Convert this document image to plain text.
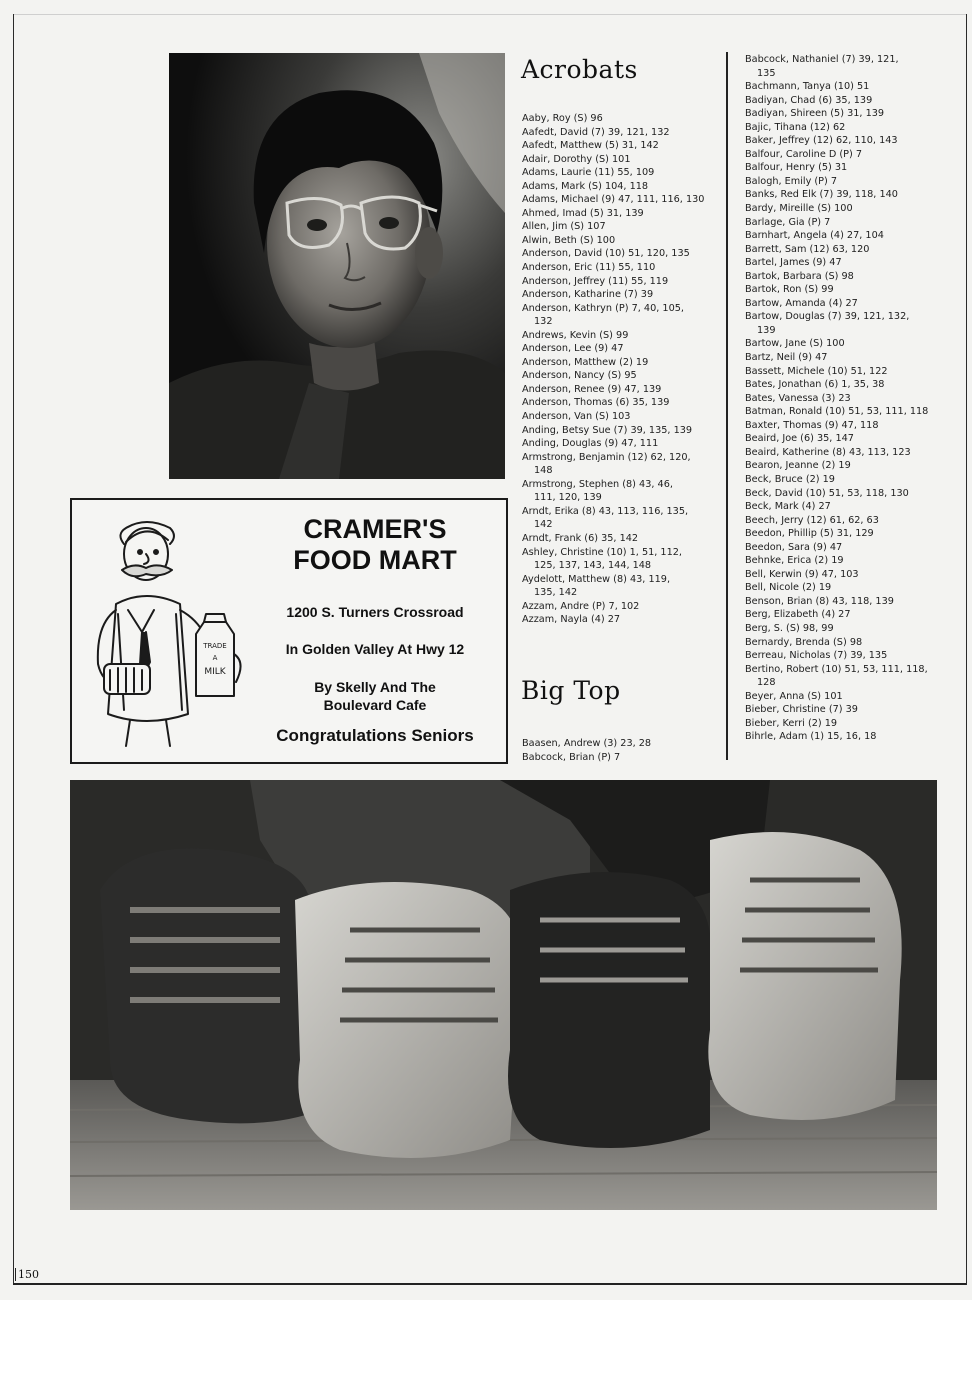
TRADE
A
MILK
CRAMER'S
FOOD MART
1200 S. Turners Crossroad
In Golden Valley At Hwy 12
By Skelly And The
Boulevard Cafe
Congratulations Seniors
Acrobats
Aaby, Roy (S) 96
Aafedt, David (7) 39, 121, 132
Aafedt, Matthew (5) 31, 142
Adair, Dorothy (S) 101
Adams, Laurie (11) 55, 109
Adams, Mark (S) 104, 118
Adams, Michael (9) 47, 111, 116, 130
Ahmed, Imad (5) 31, 139
Allen, Jim (S) 107
Alwin, Beth (S) 100
Anderson, David (10) 51, 120, 135
Anderson, Eric (11) 55, 110
Anderson, Jeffrey (11) 55, 119
Anderson, Katharine (7) 39
Anderson, Kathryn (P) 7, 40, 105,
132
Andrews, Kevin (S) 99
Anderson, Lee (9) 47
Anderson, Matthew (2) 19
Anderson, Nancy (S) 95
Anderson, Renee (9) 47, 139
Anderson, Thomas (6) 35, 139
Anderson, Van (S) 103
Anding, Betsy Sue (7) 39, 135, 139
Anding, Douglas (9) 47, 111
Armstrong, Benjamin (12) 62, 120,
148
Armstrong, Stephen (8) 43, 46,
111, 120, 139
Arndt, Erika (8) 43, 113, 116, 135,
142
Arndt, Frank (6) 35, 142
Ashley, Christine (10) 1, 51, 112,
125, 137, 143, 144, 148
Aydelott, Matthew (8) 43, 119,
135, 142
Azzam, Andre (P) 7, 102
Azzam, Nayla (4) 27
Big Top
Baasen, Andrew (3) 23, 28
Babcock, Brian (P) 7
Babcock, Nathaniel (7) 39, 121,
135
Bachmann, Tanya (10) 51
Badiyan, Chad (6) 35, 139
Badiyan, Shireen (5) 31, 139
Bajic, Tihana (12) 62
Baker, Jeffrey (12) 62, 110, 143
Balfour, Caroline D (P) 7
Balfour, Henry (5) 31
Balogh, Emily (P) 7
Banks, Red Elk (7) 39, 118, 140
Bardy, Mireille (S) 100
Barlage, Gia (P) 7
Barnhart, Angela (4) 27, 104
Barrett, Sam (12) 63, 120
Bartel, James (9) 47
Bartok, Barbara (S) 98
Bartok, Ron (S) 99
Bartow, Amanda (4) 27
Bartow, Douglas (7) 39, 121, 132,
139
Bartow, Jane (S) 100
Bartz, Neil (9) 47
Bassett, Michele (10) 51, 122
Bates, Jonathan (6) 1, 35, 38
Bates, Vanessa (3) 23
Batman, Ronald (10) 51, 53, 111, 118
Baxter, Thomas (9) 47, 118
Beaird, Joe (6) 35, 147
Beaird, Katherine (8) 43, 113, 123
Bearon, Jeanne (2) 19
Beck, Bruce (2) 19
Beck, David (10) 51, 53, 118, 130
Beck, Mark (4) 27
Beech, Jerry (12) 61, 62, 63
Beedon, Phillip (5) 31, 129
Beedon, Sara (9) 47
Behnke, Erica (2) 19
Bell, Kerwin (9) 47, 103
Bell, Nicole (2) 19
Benson, Brian (8) 43, 118, 139
Berg, Elizabeth (4) 27
Berg, S. (S) 98, 99
Bernardy, Brenda (S) 98
Berreau, Nicholas (7) 39, 135
Bertino, Robert (10) 51, 53, 111, 118,
128
Beyer, Anna (S) 101
Bieber, Christine (7) 39
Bieber, Kerri (2) 19
Bihrle, Adam (1) 15, 16, 18
150
